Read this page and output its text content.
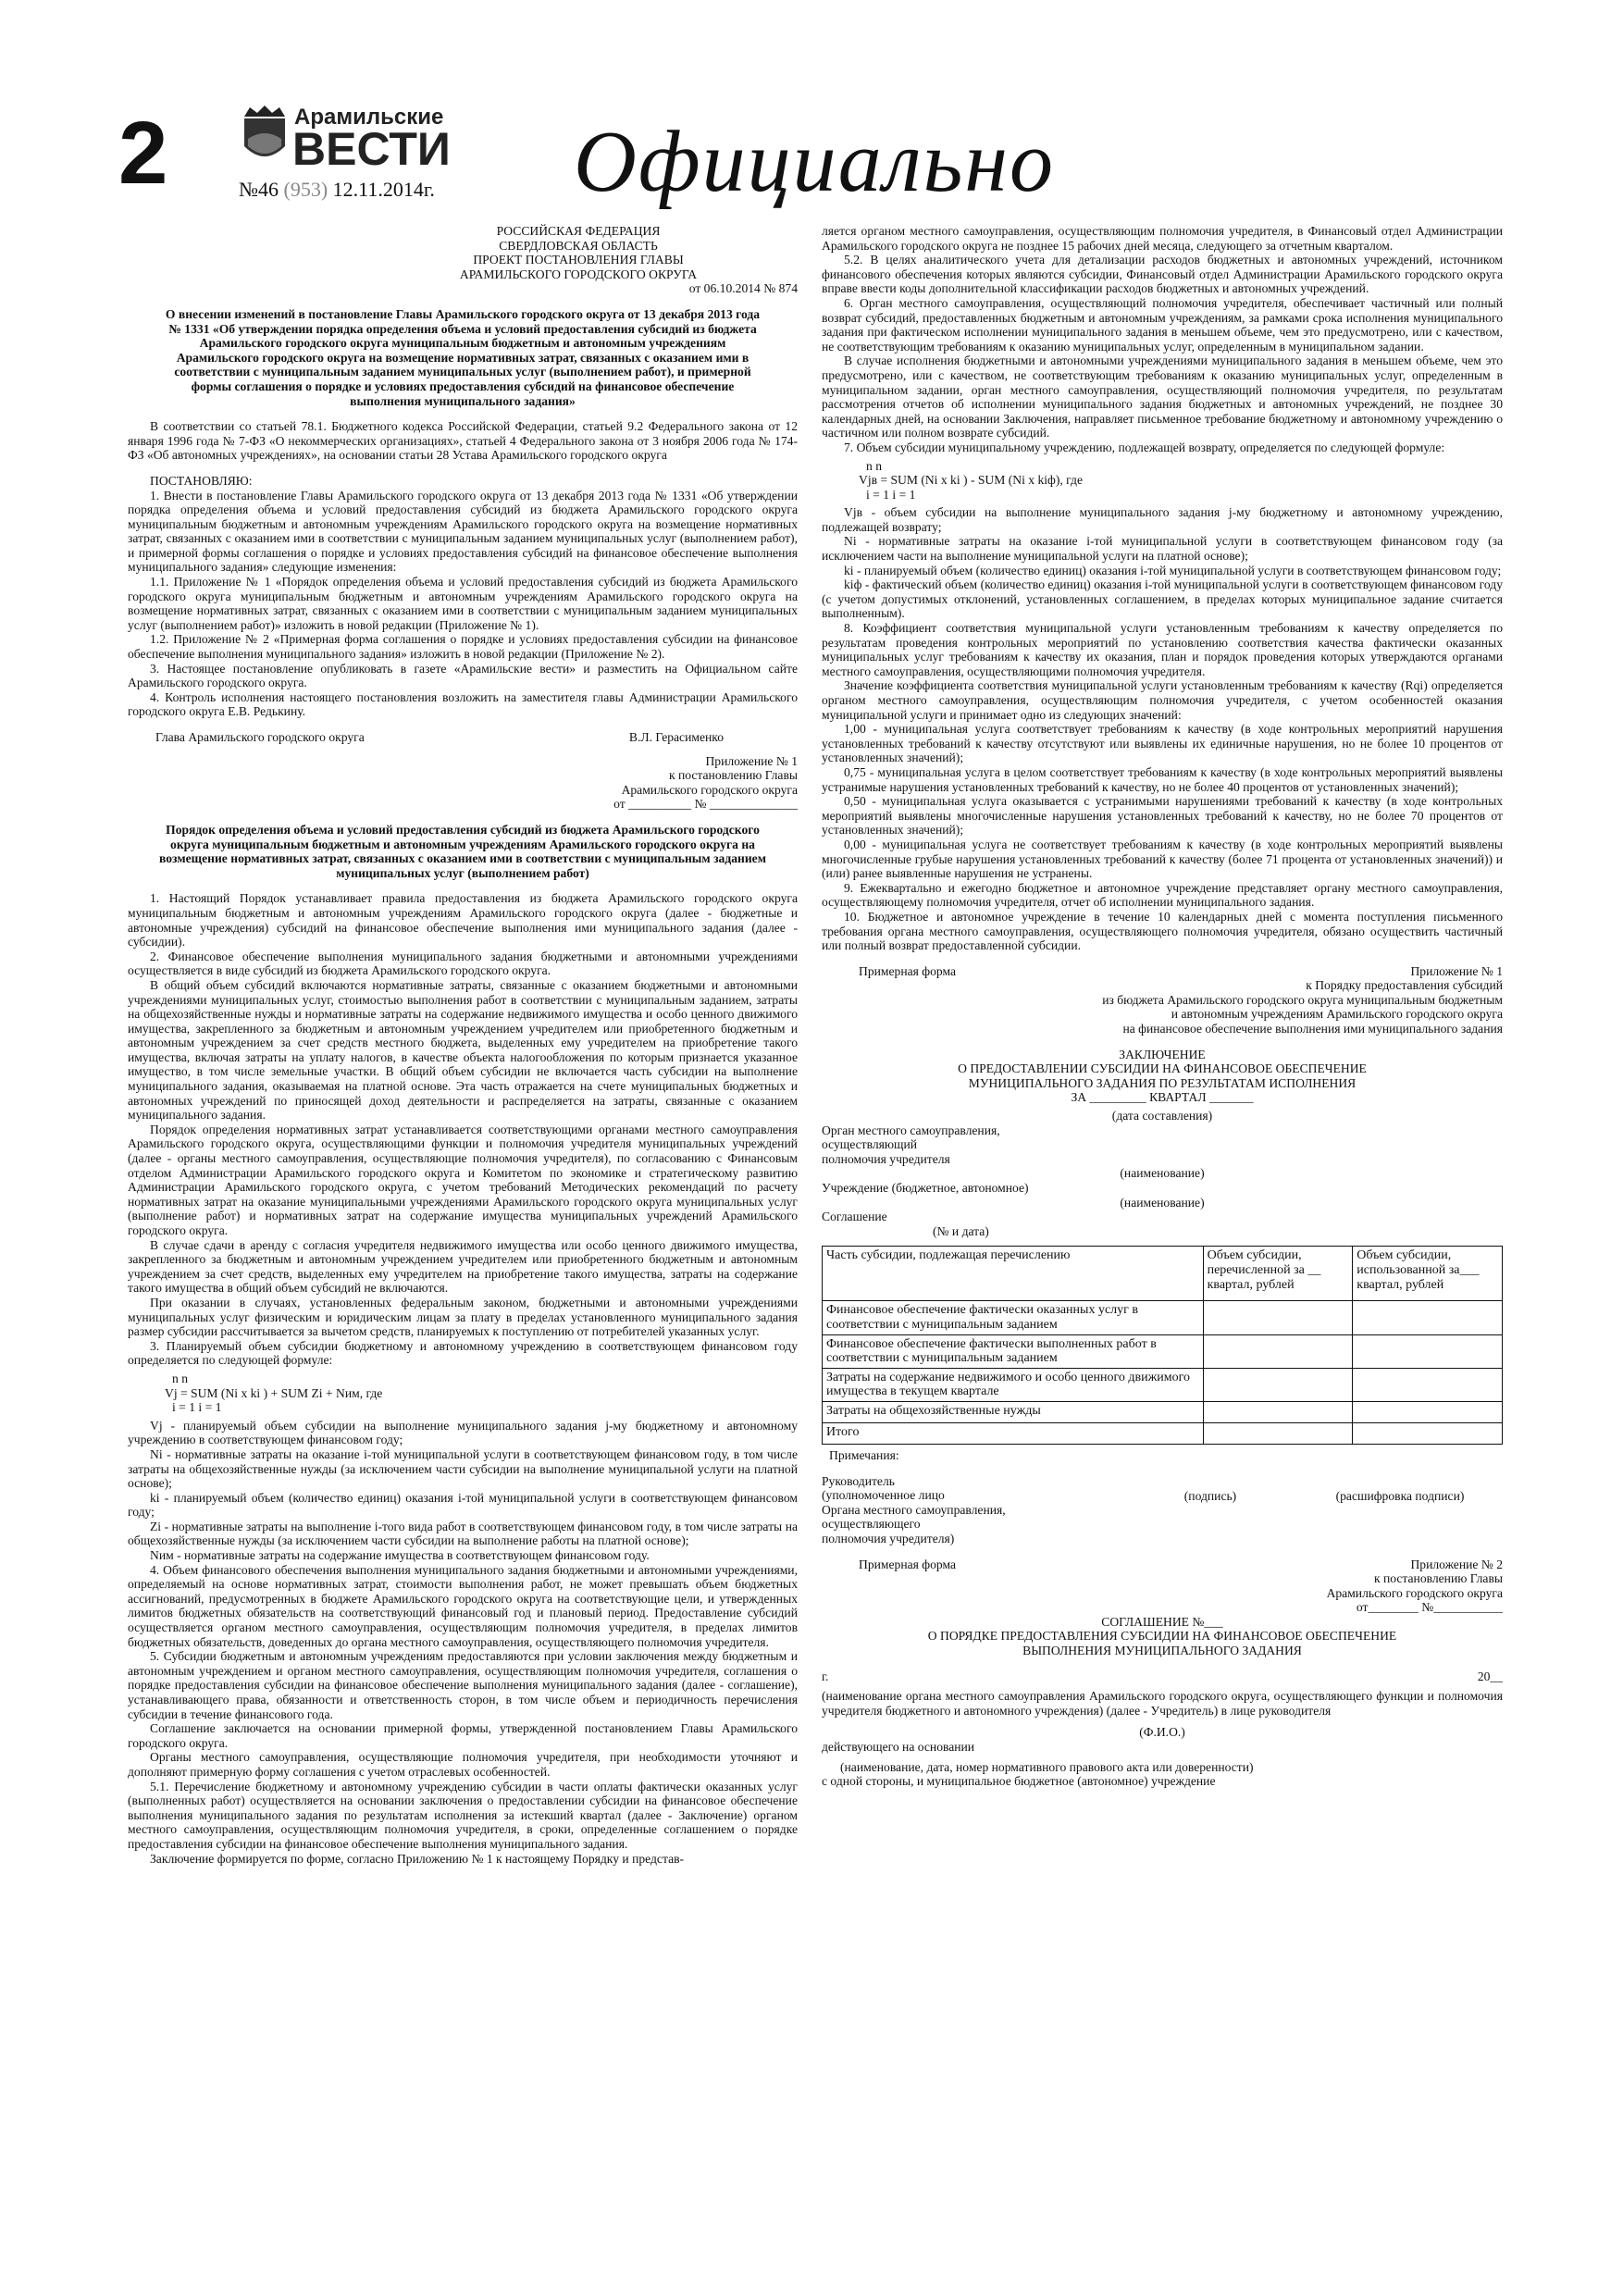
2	Арамильские
ВЕСТИ
№46 (953) 12.11.2014г. Официально

РОССИЙСКАЯ ФЕДЕРАЦИЯ

СВЕРДЛОВСКАЯ ОБЛАСТЬ

ПРОЕКТ ПОСТАНОВЛЕНИЯ ГЛАВЫ

АРАМИЛЬСКОГО ГОРОДСКОГО ОКРУГА

от 06.10.2014 № 874

О внесении изменений в постановление Главы Арамильского городского округа от 13 декабря 2013 года № 1331 «Об утверждении порядка определения объема и условий предоставления субсидий из бюджета Арамильского городского округа муниципальным бюджетным и автономным учреждениям Арамильского городского округа на возмещение нормативных затрат, связанных с оказанием ими в соответствии с муниципальным заданием муниципальных услуг (выполнением работ), и примерной формы соглашения о порядке и условиях предоставления субсидий на финансовое обеспечение выполнения муниципального задания»

В соответствии со статьей 78.1. Бюджетного кодекса Российской Федерации, статьей 9.2 Федерального закона от 12 января 1996 года № 7-ФЗ «О некоммерческих организациях», статьей 4 Федерального закона от 3 ноября 2006 года № 174-ФЗ «Об автономных учреждениях», на основании статьи 28 Устава Арамильского городского округа

ПОСТАНОВЛЯЮ:

1. Внести в постановление Главы Арамильского городского округа от 13 декабря 2013 года № 1331 «Об утверждении порядка определения объема и условий предоставления субсидий из бюджета Арамильского городского округа муниципальным бюджетным и автономным учреждениям Арамильского городского округа на возмещение нормативных затрат, связанных с оказанием ими в соответствии с муниципальным заданием муниципальных услуг (выполнением работ), и примерной формы соглашения о порядке и условиях предоставления субсидий на финансовое обеспечение выполнения муниципального задания» следующие изменения:

1.1. Приложение № 1 «Порядок определения объема и условий предоставления субсидий из бюджета Арамильского городского округа муниципальным бюджетным и автономным учреждениям Арамильского городского округа на возмещение нормативных затрат, связанных с оказанием ими в соответствии с муниципальным заданием муниципальных услуг (выполнением работ)» изложить в новой редакции (Приложение № 1).

1.2. Приложение № 2 «Примерная форма соглашения о порядке и условиях предоставления субсидии на финансовое обеспечение выполнения муниципального задания» изложить в новой редакции (Приложение № 2).

3. Настоящее постановление опубликовать в газете «Арамильские вести» и разместить на Официальном сайте Арамильского городского округа.

4. Контроль исполнения настоящего постановления возложить на заместителя главы Администрации Арамильского городского округа Е.В. Редькину.

Глава Арамильского городского округа	В.Л. Герасименко

Приложение № 1

к постановлению Главы

Арамильского городского округа

от __________ № ______________

Порядок определения объема и условий предоставления субсидий из бюджета Арамильского городского округа муниципальным бюджетным и автономным учреждениям Арамильского городского округа на возмещение нормативных затрат, связанных с оказанием ими в соответствии с муниципальным заданием муниципальных услуг (выполнением работ)

1. Настоящий Порядок устанавливает правила предоставления из бюджета Арамильского городского округа муниципальным бюджетным и автономным учреждениям Арамильского городского округа (далее - бюджетные и автономные учреждения) субсидий на финансовое обеспечение выполнения ими муниципального задания (далее - субсидии).

2. Финансовое обеспечение выполнения муниципального задания бюджетными и автономными учреждениями осуществляется в виде субсидий из бюджета Арамильского городского округа.

В общий объем субсидий включаются нормативные затраты, связанные с оказанием бюджетными и автономными учреждениями муниципальных услуг, стоимостью выполнения работ в соответствии с муниципальным заданием, затраты на общехозяйственные нужды и нормативные затраты на содержание недвижимого имущества и особо ценного движимого имущества, закрепленного за бюджетным и автономным учреждением учредителем или приобретенного бюджетным и автономным учреждением за счет средств местного бюджета, выделенных ему учредителем на приобретение такого имущества, включая затраты на уплату налогов, в качестве объекта налогообложения по которым признается указанное имущество, в том числе земельные участки. В общий объем субсидии не включается часть субсидии на выполнение муниципального задания, оказываемая на платной основе. Эта часть отражается на счете муниципальных бюджетных и автономных учреждений по приносящей доход деятельности и распределяется на затраты, связанные с оказанием муниципального задания.

Порядок определения нормативных затрат устанавливается соответствующими органами местного самоуправления Арамильского городского округа, осуществляющими функции и полномочия учредителя муниципальных учреждений (далее - органы местного самоуправления, осуществляющие полномочия учредителя), по согласованию с Финансовым отделом Администрации Арамильского городского округа и Комитетом по экономике и стратегическому развитию Администрации Арамильского городского округа, с учетом требований Методических рекомендаций по расчету нормативных затрат на оказание муниципальными учреждениями Арамильского городского округа муниципальных услуг (выполнение работ) и нормативных затрат на содержание имущества муниципальных учреждений Арамильского городского округа.

В случае сдачи в аренду с согласия учредителя недвижимого имущества или особо ценного движимого имущества, закрепленного за бюджетным и автономным учреждением учредителем или приобретенного бюджетным и автономным учреждением за счет средств, выделенных ему учредителем на приобретение такого имущества, затраты на содержание такого имущества в общий объем субсидий не включаются.

При оказании в случаях, установленных федеральным законом, бюджетными и автономными учреждениями муниципальных услуг физическим и юридическим лицам за плату в пределах установленного муниципального задания размер субсидии рассчитывается за вычетом средств, планируемых к поступлению от потребителей указанных услуг.

3. Планируемый объем субсидии бюджетному и автономному учреждению в соответствующем финансовом году определяется по следующей формуле:

n n

Vj = SUM (Ni x ki ) + SUM Zi + Nим, где

i = 1 i = 1

Vj - планируемый объем субсидии на выполнение муниципального задания j-му бюджетному и автономному учреждению в соответствующем финансовом году;

Ni - нормативные затраты на оказание i-той муниципальной услуги в соответствующем финансовом году, в том числе затраты на общехозяйственные нужды (за исключением части субсидии на выполнение муниципальной услуги на платной основе);

ki - планируемый объем (количество единиц) оказания i-той муниципальной услуги в соответствующем финансовом году;

Zi - нормативные затраты на выполнение i-того вида работ в соответствующем финансовом году, в том числе затраты на общехозяйственные нужды (за исключением части субсидии на выполнение работы на платной основе);

Nим - нормативные затраты на содержание имущества в соответствующем финансовом году.

4. Объем финансового обеспечения выполнения муниципального задания бюджетными и автономными учреждениями, определяемый на основе нормативных затрат, стоимости выполнения работ, не может превышать объем бюджетных ассигнований, предусмотренных в бюджете Арамильского городского округа на соответствующие цели, и утвержденных лимитов бюджетных обязательств на соответствующий финансовый год и плановый период. Предоставление субсидий осуществляется органом местного самоуправления, осуществляющим полномочия учредителя, в пределах лимитов бюджетных обязательств, доведенных до органа местного самоуправления, осуществляющего полномочия учредителя.

5. Субсидии бюджетным и автономным учреждениям предоставляются при условии заключения между бюджетным и автономным учреждением и органом местного самоуправления, осуществляющим полномочия учредителя, соглашения о порядке предоставления субсидии на финансовое обеспечение выполнения муниципального задания (далее - соглашение), устанавливающего права, обязанности и ответственность сторон, в том числе объем и периодичность перечисления субсидии в течение финансового года.

Соглашение заключается на основании примерной формы, утвержденной постановлением Главы Арамильского городского округа.

Органы местного самоуправления, осуществляющие полномочия учредителя, при необходимости уточняют и дополняют примерную форму соглашения с учетом отраслевых особенностей.

5.1. Перечисление бюджетному и автономному учреждению субсидии в части оплаты фактически оказанных услуг (выполненных работ) осуществляется на основании заключения о предоставлении субсидии на финансовое обеспечение выполнения муниципального задания по результатам исполнения за истекший квартал (далее - Заключение) органом местного самоуправления, осуществляющим полномочия учредителя, в сроки, определенные соглашением о порядке предоставления субсидии на финансовое обеспечение выполнения муниципального задания.

Заключение формируется по форме, согласно Приложению № 1 к настоящему Порядку и представ-

ляется органом местного самоуправления, осуществляющим полномочия учредителя, в Финансовый отдел Администрации Арамильского городского округа не позднее 15 рабочих дней месяца, следующего за отчетным кварталом.

5.2. В целях аналитического учета для детализации расходов бюджетных и автономных учреждений, источником финансового обеспечения которых являются субсидии, Финансовый отдел Администрации Арамильского городского округа вправе ввести коды дополнительной классификации расходов бюджетных и автономных учреждений.

6. Орган местного самоуправления, осуществляющий полномочия учредителя, обеспечивает частичный или полный возврат субсидий, предоставленных бюджетным и автономным учреждениям, за рамками срока исполнения муниципального задания при фактическом исполнении муниципального задания в меньшем объеме, чем это предусмотрено, или с качеством, не соответствующим требованиям к оказанию муниципальных услуг, определенным в муниципальном задании.

В случае исполнения бюджетными и автономными учреждениями муниципального задания в меньшем объеме, чем это предусмотрено, или с качеством, не соответствующим требованиям к оказанию муниципальных услуг, определенным в муниципальном задании, орган местного самоуправления, осуществляющий полномочия учредителя, по результатам рассмотрения отчетов об исполнении муниципального задания бюджетных и автономных учреждений, не позднее 30 календарных дней, на основании Заключения, направляет письменное требование бюджетному и автономному учреждению о частичном или полном возврате субсидий.

7. Объем субсидии муниципальному учреждению, подлежащей возврату, определяется по следующей формуле:

n n

Vjв = SUM (Ni x ki ) - SUM (Ni x kiф), где

i = 1 i = 1

Vjв - объем субсидии на выполнение муниципального задания j-му бюджетному и автономному учреждению, подлежащей возврату;

Ni - нормативные затраты на оказание i-той муниципальной услуги в соответствующем финансовом году (за исключением части на выполнение муниципальной услуги на платной основе);

ki - планируемый объем (количество единиц) оказания i-той муниципальной услуги в соответствующем финансовом году;

kiф - фактический объем (количество единиц) оказания i-той муниципальной услуги в соответствующем финансовом году (с учетом допустимых отклонений, установленных соглашением, в пределах которых муниципальное задание считается выполненным).

8. Коэффициент соответствия муниципальной услуги установленным требованиям к качеству определяется по результатам проведения контрольных мероприятий по установлению соответствия качества фактически оказанных муниципальных услуг требованиям к качеству их оказания, план и порядок проведения которых утверждаются органами местного самоуправления, осуществляющими полномочия учредителя.

Значение коэффициента соответствия муниципальной услуги установленным требованиям к качеству (Rqi) определяется органом местного самоуправления, осуществляющим полномочия учредителя, с учетом особенностей оказания муниципальной услуги и принимает одно из следующих значений:

1,00 - муниципальная услуга соответствует требованиям к качеству (в ходе контрольных мероприятий нарушения установленных требований к качеству отсутствуют или выявлены их единичные нарушения, но не более 10 процентов от установленных значений);

0,75 - муниципальная услуга в целом соответствует требованиям к качеству (в ходе контрольных мероприятий выявлены устранимые нарушения установленных требований к качеству, но не более 40 процентов от установленных значений);

0,50 - муниципальная услуга оказывается с устранимыми нарушениями требований к качеству (в ходе контрольных мероприятий выявлены многочисленные нарушения установленных требований к качеству, но не более 70 процентов от установленных значений);

0,00 - муниципальная услуга не соответствует требованиям к качеству (в ходе контрольных мероприятий выявлены многочисленные грубые нарушения установленных требований к качеству (более 71 процента от установленных значений)) и (или) ранее выявленные нарушения не устранены.

9. Ежеквартально и ежегодно бюджетное и автономное учреждение представляет органу местного самоуправления, осуществляющему полномочия учредителя, отчет об исполнении муниципального задания.

10. Бюджетное и автономное учреждение в течение 10 календарных дней с момента поступления письменного требования органа местного самоуправления, осуществляющего полномочия учредителя, обязано осуществить частичный или полный возврат предоставленной субсидии.

Примерная форма	Приложение № 1

к Порядку предоставления субсидий

из бюджета Арамильского городского округа муниципальным бюджетным

и автономным учреждениям Арамильского городского округа

на финансовое обеспечение выполнения ими муниципального задания

ЗАКЛЮЧЕНИЕ

О ПРЕДОСТАВЛЕНИИ СУБСИДИИ НА ФИНАНСОВОЕ ОБЕСПЕЧЕНИЕ

МУНИЦИПАЛЬНОГО ЗАДАНИЯ ПО РЕЗУЛЬТАТАМ ИСПОЛНЕНИЯ

ЗА _________ КВАРТАЛ _______

(дата составления)

Орган местного самоуправления,

осуществляющий

полномочия учредителя

(наименование)

Учреждение (бюджетное, автономное)

(наименование)

Соглашение

(№ и дата)

Часть субсидии, подлежащая перечислению	Объем субсидии, перечисленной за __ квартал, рублей	Объем субсидии, использованной за___ квартал, рублей
Финансовое обеспечение фактически оказанных услуг в соответствии с муниципальным заданием		
Финансовое обеспечение фактически выполненных работ в соответствии с муниципальным заданием		
Затраты на содержание недвижимого и особо ценного движимого имущества в текущем квартале		
Затраты на общехозяйственные нужды		
Итого		

Примечания:

Руководитель

(уполномоченное лицо

Органа местного самоуправления,

осуществляющего

полномочия учредителя)

(подпись)	(расшифровка подписи)
Примерная форма	Приложение № 2

к постановлению Главы

Арамильского городского округа

от________ №___________

СОГЛАШЕНИЕ №___

О ПОРЯДКЕ ПРЕДОСТАВЛЕНИЯ СУБСИДИИ НА ФИНАНСОВОЕ ОБЕСПЕЧЕНИЕ

ВЫПОЛНЕНИЯ МУНИЦИПАЛЬНОГО ЗАДАНИЯ

г.	20__

(наименование органа местного самоуправления Арамильского городского округа, осуществляющего функции и полномочия учредителя бюджетного и автономного учреждения) (далее - Учредитель) в лице руководителя

(Ф.И.О.)

действующего на основании

(наименование, дата, номер нормативного правового акта или доверенности)

с одной стороны, и муниципальное бюджетное (автономное) учреждение
